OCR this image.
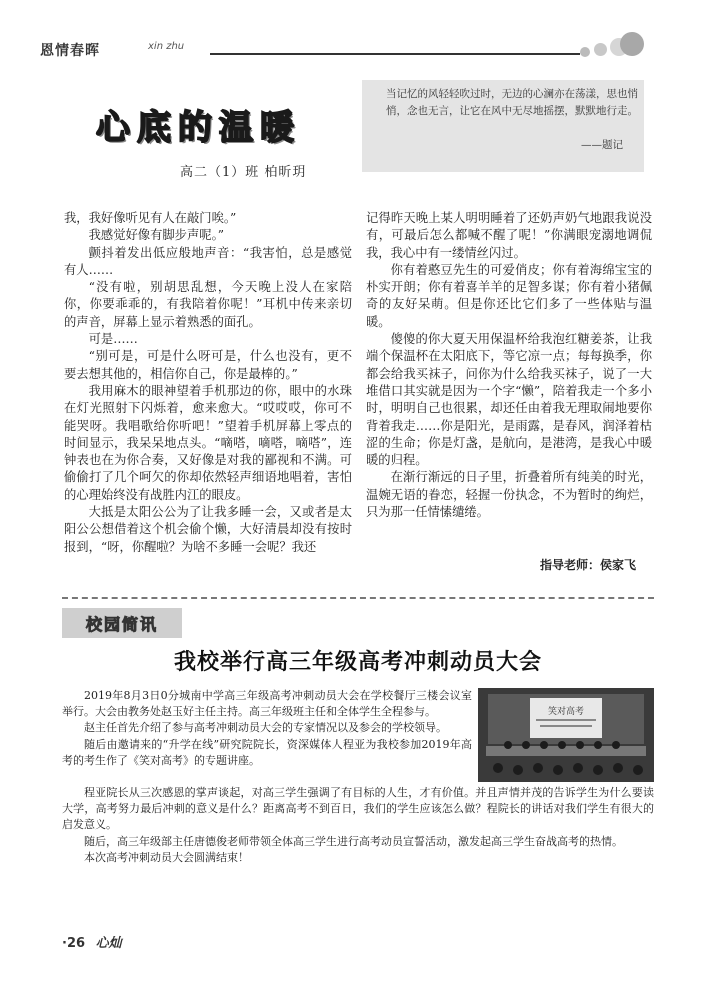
恩情春晖	xin zhu
心底的温暖
高二（1）班 柏昕玥
当记忆的风轻轻吹过时，无边的心澜亦在荡漾，思也悄悄，念也无言，让它在风中无尽地摇摆，默默地行走。
——题记

我，我好像听见有人在敲门唉。”

我感觉好像有脚步声呢。”

颤抖着发出低应般地声音：“我害怕，总是感觉有人……

“没有啦，别胡思乱想，今天晚上没人在家陪你，你要乖乖的，有我陪着你呢！”耳机中传来亲切的声音，屏幕上显示着熟悉的面孔。

可是……

“别可是，可是什么呀可是，什么也没有，更不要去想其他的，相信你自己，你是最棒的。”

我用麻木的眼神望着手机那边的你，眼中的水珠在灯光照射下闪烁着，愈来愈大。“哎哎哎，你可不能哭呀。我唱歌给你听吧！”望着手机屏幕上零点的时间显示，我呆呆地点头。“嘀嗒，嘀嗒，嘀嗒”，连钟表也在为你合奏，又好像是对我的鄙视和不满。可偷偷打了几个呵欠的你却依然轻声细语地唱着，害怕的心理始终没有战胜内江的眼皮。

大抵是太阳公公为了让我多睡一会，又或者是太阳公公想借着这个机会偷个懒，大好清晨却没有按时报到，“呀，你醒啦？为啥不多睡一会呢？我还

记得昨天晚上某人明明睡着了还奶声奶气地跟我说没有，可最后怎么都喊不醒了呢！”你满眼宠溺地调侃我，我心中有一缕情丝闪过。

你有着憨豆先生的可爱俏皮；你有着海绵宝宝的朴实开朗；你有着喜羊羊的足智多谋；你有着小猪佩奇的友好呆萌。但是你还比它们多了一些体贴与温暖。

傻傻的你大夏天用保温杯给我泡红糖姜茶，让我端个保温杯在太阳底下，等它凉一点；每每换季，你都会给我买袜子，问你为什么给我买袜子，说了一大堆借口其实就是因为一个字“懒”，陪着我走一个多小时，明明自己也很累，却还任由着我无理取闹地要你背着我走……你是阳光，是雨露，是春风，润泽着枯涩的生命；你是灯盏，是航向，是港湾，是我心中暖暖的归程。

在渐行渐远的日子里，折叠着所有纯美的时光，温婉无语的眷恋，轻握一份执念，不为暂时的绚烂，只为那一任情愫缱绻。

指导老师：侯家飞
校园简讯
我校举行高三年级高考冲刺动员大会

2019年8月3日0分城南中学高三年级高考冲刺动员大会在学校餐厅三楼会议室举行。大会由教务处赵玉好主任主持。高三年级班主任和全体学生全程参与。

赵主任首先介绍了参与高考冲刺动员大会的专家情况以及参会的学校领导。

随后由邀请来的“升学在线”研究院院长，资深媒体人程亚为我校参加2019年高考的考生作了《笑对高考》的专题讲座。

笑对高考

程亚院长从三次感恩的掌声谈起，对高三学生强调了有目标的人生，才有价值。并且声情并茂的告诉学生为什么要读大学，高考努力最后冲刺的意义是什么？距离高考不到百日，我们的学生应该怎么做？程院长的讲话对我们学生有很大的启发意义。

随后，高三年级部主任唐德俊老师带领全体高三学生进行高考动员宣誓活动，激发起高三学生奋战高考的热情。

本次高考冲刺动员大会圆满结束！

·26 心灿
